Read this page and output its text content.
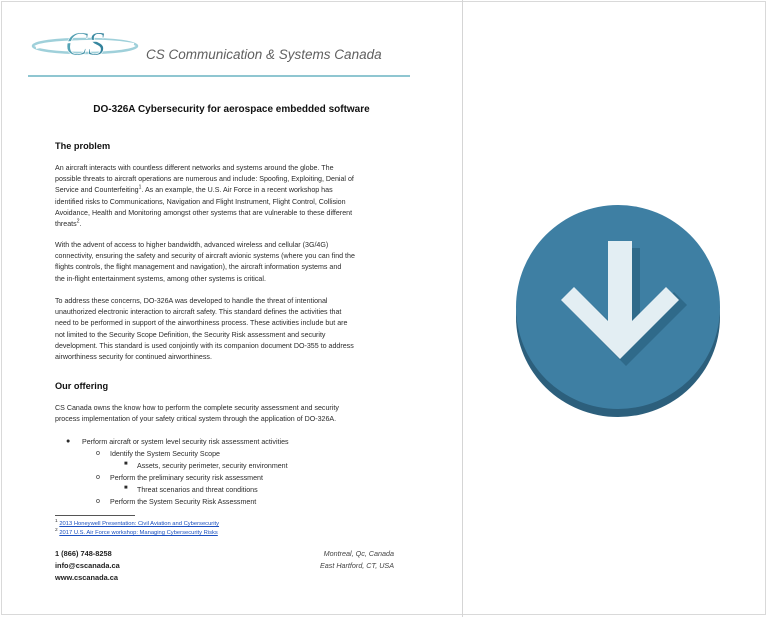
CS	CS Communication & Systems Canada
DO-326A Cybersecurity for aerospace embedded software
The problem
An aircraft interacts with countless different networks and systems around the globe. The
possible threats to aircraft operations are numerous and include: Spoofing, Exploiting, Denial of
Service and Counterfeiting$^1$. As an example, the U.S. Air Force in a recent workshop has
identified risks to Communications, Navigation and Flight Instrument, Flight Control, Collision
Avoidance, Health and Monitoring amongst other systems that are vulnerable to these different
threats$^2$.
With the advent of access to higher bandwidth, advanced wireless and cellular (3G/4G)
connectivity, ensuring the safety and security of aircraft avionic systems (where you can find the
flights controls, the flight management and navigation), the aircraft information systems and
the in-flight entertainment systems, among other systems is critical.
To address these concerns, DO-326A was developed to handle the threat of intentional
unauthorized electronic interaction to aircraft safety. This standard defines the activities that
need to be performed in support of the airworthiness process. These activities include but are
not limited to the Security Scope Definition, the Security Risk assessment and security
development. This standard is used conjointly with its companion document DO-355 to address
airworthiness security for continued airworthiness.
Our offering
CS Canada owns the know how to perform the complete security assessment and security
process implementation of your safety critical system through the application of DO-326A.
● Perform aircraft or system level security risk assessment activities
o Identify the System Security Scope
■ Assets, security perimeter, security environment
o Perform the preliminary security risk assessment
■ Threat scenarios and threat conditions
o Perform the System Security Risk Assessment
$^1$ 2013 Honeywell Presentation: Civil Aviation and Cybersecurity
$^2$ 2017 U.S. Air Force workshop: Managing Cybersecurity Risks
1 (866) 748-8258
info@cscanada.ca
www.cscanada.ca
Montreal, Qc, Canada
East Hartford, CT, USA
